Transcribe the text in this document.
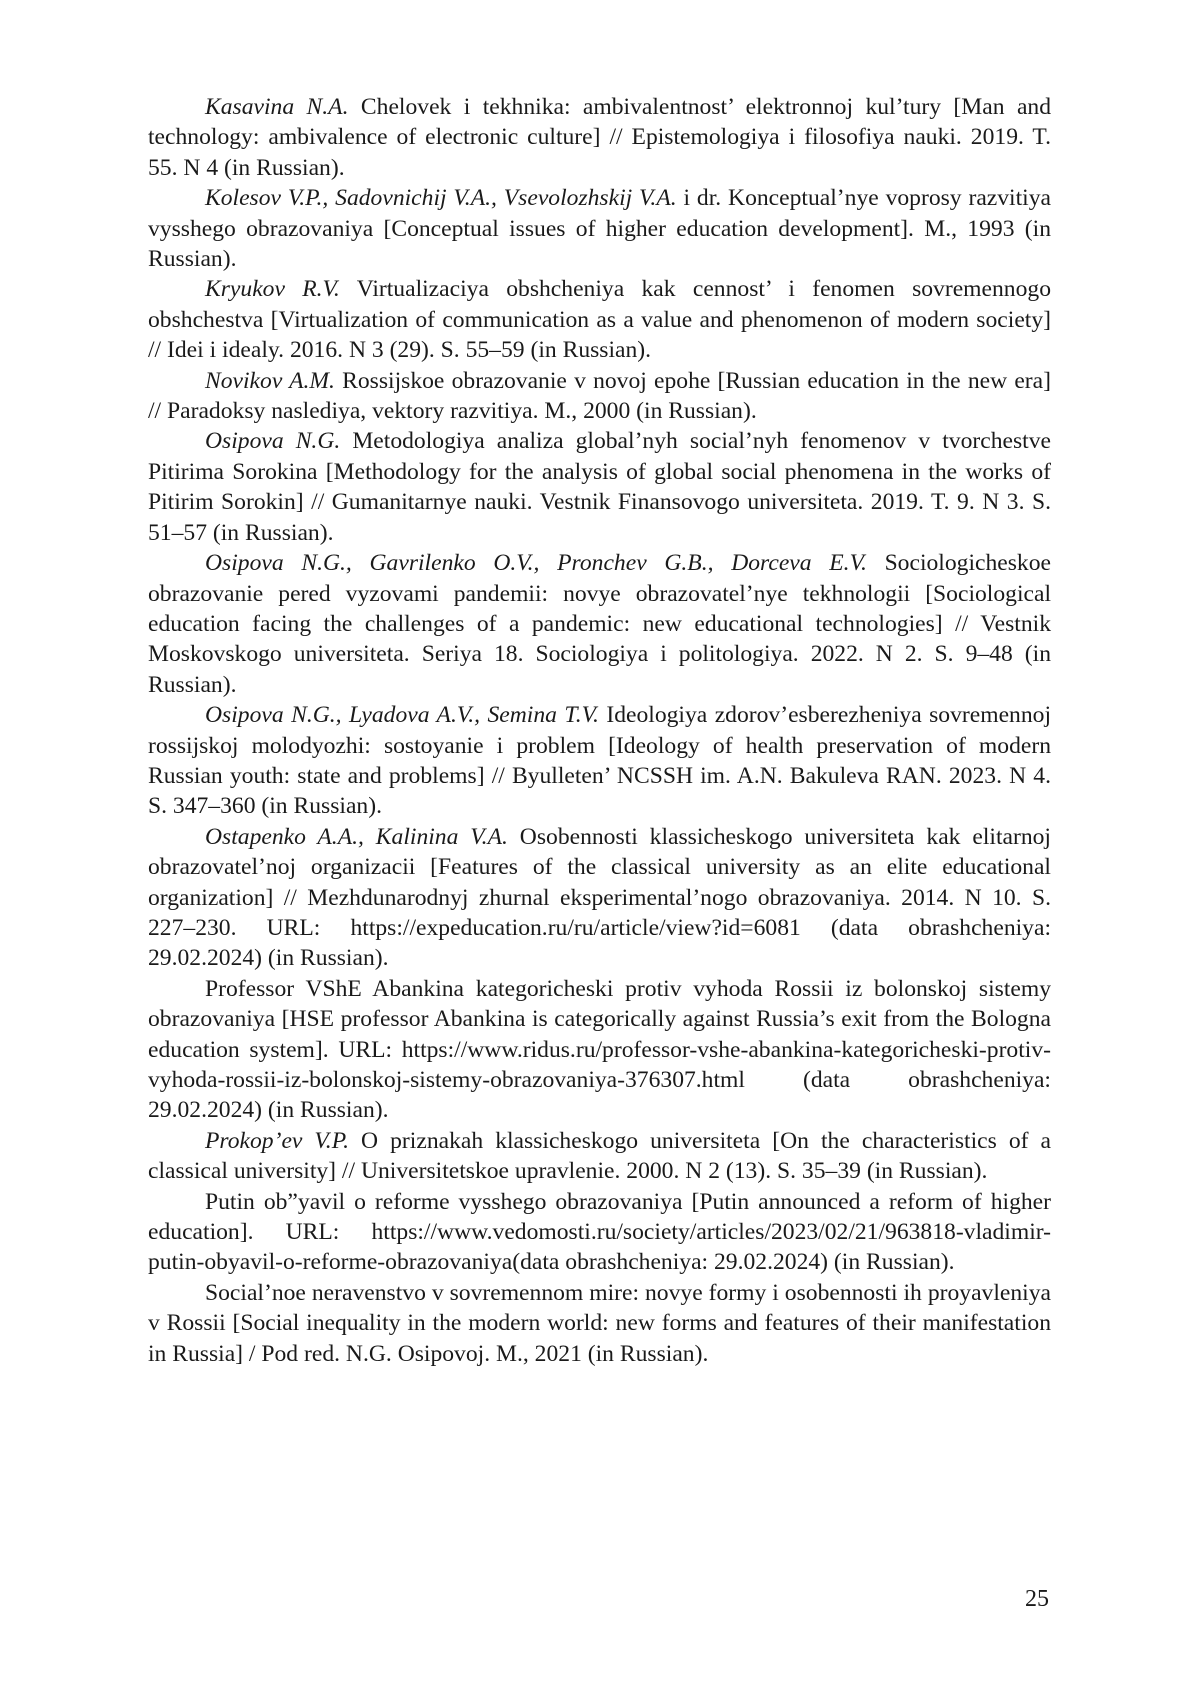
Kasavina N.A. Chelovek i tekhnika: ambivalentnost’ elektronnoj kul’tury [Man and technology: ambivalence of electronic culture] // Epistemologiya i filosofiya nauki. 2019. T. 55. N 4 (in Russian).

Kolesov V.P., Sadovnichij V.A., Vsevolozhskij V.A. i dr. Konceptual’nye voprosy razvitiya vysshego obrazovaniya [Conceptual issues of higher education development]. M., 1993 (in Russian).

Kryukov R.V. Virtualizaciya obshcheniya kak cennost’ i fenomen sovremennogo obshchestva [Virtualization of communication as a value and phenomenon of modern society] // Idei i idealy. 2016. N 3 (29). S. 55–59 (in Russian).

Novikov A.M. Rossijskoe obrazovanie v novoj epohe [Russian education in the new era] // Paradoksy naslediya, vektory razvitiya. M., 2000 (in Russian).

Osipova N.G. Metodologiya analiza global’nyh social’nyh fenomenov v tvorchestve Pitirima Sorokina [Methodology for the analysis of global social phenomena in the works of Pitirim Sorokin] // Gumanitarnye nauki. Vestnik Finansovogo universiteta. 2019. T. 9. N 3. S. 51–57 (in Russian).

Osipova N.G., Gavrilenko O.V., Pronchev G.B., Dorceva E.V. Sociologicheskoe obrazovanie pered vyzovami pandemii: novye obrazovatel’nye tekhnologii [Sociological education facing the challenges of a pandemic: new educational technologies] // Vestnik Moskovskogo universiteta. Seriya 18. Sociologiya i politologiya. 2022. N 2. S. 9–48 (in Russian).

Osipova N.G., Lyadova A.V., Semina T.V. Ideologiya zdorov’esberezheniya sovremennoj rossijskoj molodyozhi: sostoyanie i problem [Ideology of health preservation of modern Russian youth: state and problems] // Byulleten’ NCSSH im. A.N. Bakuleva RAN. 2023. N 4. S. 347–360 (in Russian).

Ostapenko A.A., Kalinina V.A. Osobennosti klassicheskogo universiteta kak elitarnoj obrazovatel’noj organizacii [Features of the classical university as an elite educational organization] // Mezhdunarodnyj zhurnal eksperimental’nogo obrazovaniya. 2014. N 10. S. 227–230. URL: https://expeducation.ru/ru/article/view?id=6081 (data obrashcheniya: 29.02.2024) (in Russian).

Professor VShE Abankina kategoricheski protiv vyhoda Rossii iz bolonskoj sistemy obrazovaniya [HSE professor Abankina is categorically against Russia’s exit from the Bologna education system]. URL: https://www.ridus.ru/professor-vshe-abankina-kategoricheski-protiv-vyhoda-rossii-iz-bolonskoj-sistemy-obrazovaniya-376307.html (data obrashcheniya: 29.02.2024) (in Russian).

Prokop’ev V.P. O priznakah klassicheskogo universiteta [On the characteristics of a classical university] // Universitetskoe upravlenie. 2000. N 2 (13). S. 35–39 (in Russian).

Putin ob”yavil o reforme vysshego obrazovaniya [Putin announced a reform of higher education]. URL: https://www.vedomosti.ru/society/articles/2023/02/21/963818-vladimir-putin-obyavil-o-reforme-obrazovaniya(data obrashcheniya: 29.02.2024) (in Russian).

Social’noe neravenstvo v sovremennom mire: novye formy i osobennosti ih proyavleniya v Rossii [Social inequality in the modern world: new forms and features of their manifestation in Russia] / Pod red. N.G. Osipovoj. M., 2021 (in Russian).

25
